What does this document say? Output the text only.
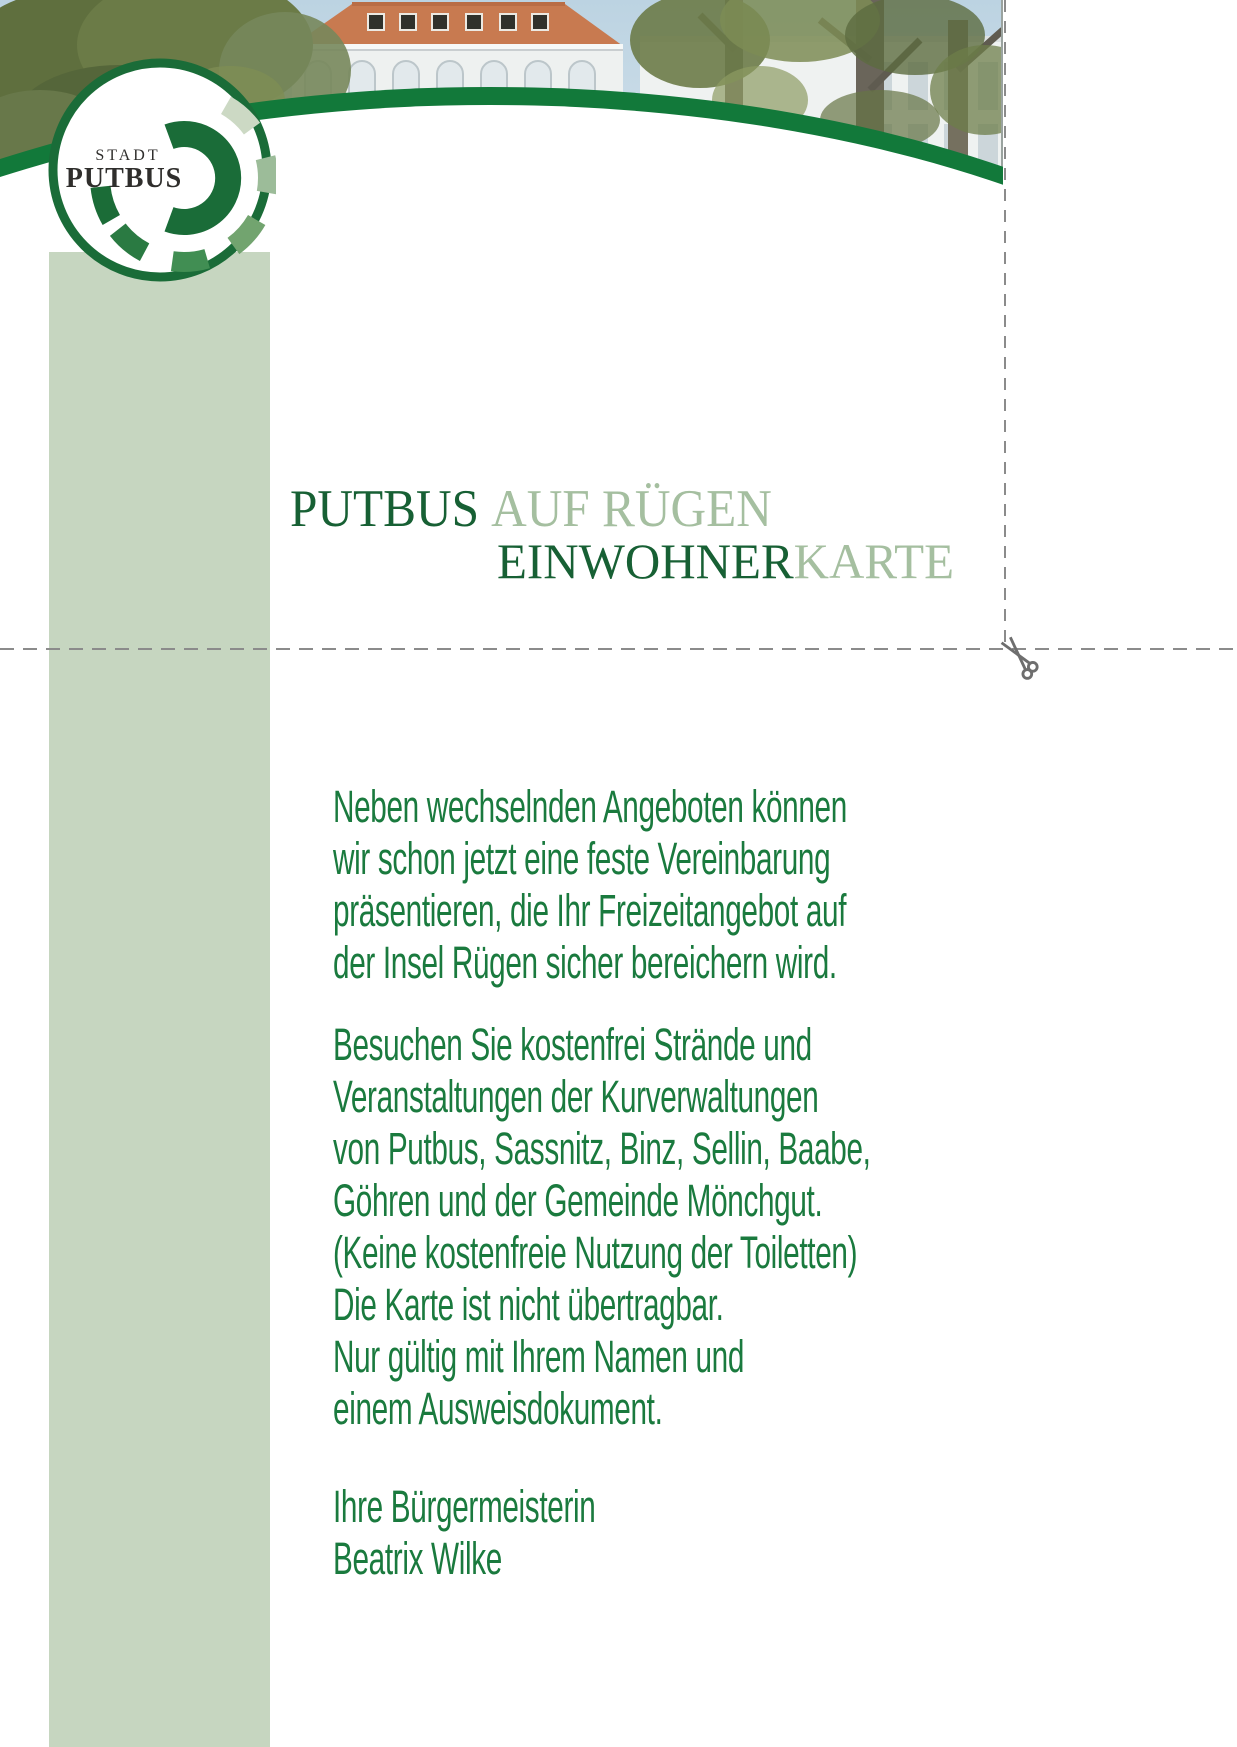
STADT
PUTBUS
PUTBUS AUF RÜGEN
EINWOHNERKARTE
Neben wechselnden Angeboten können
wir schon jetzt eine feste Vereinbarung
präsentieren, die Ihr Freizeitangebot auf
der Insel Rügen sicher bereichern wird.
Besuchen Sie kostenfrei Strände und
Veranstaltungen der Kurverwaltungen
von Putbus, Sassnitz, Binz, Sellin, Baabe,
Göhren und der Gemeinde Mönchgut.
(Keine kostenfreie Nutzung der Toiletten)
Die Karte ist nicht übertragbar.
Nur gültig mit Ihrem Namen und
einem Ausweisdokument.
Ihre Bürgermeisterin
Beatrix Wilke
